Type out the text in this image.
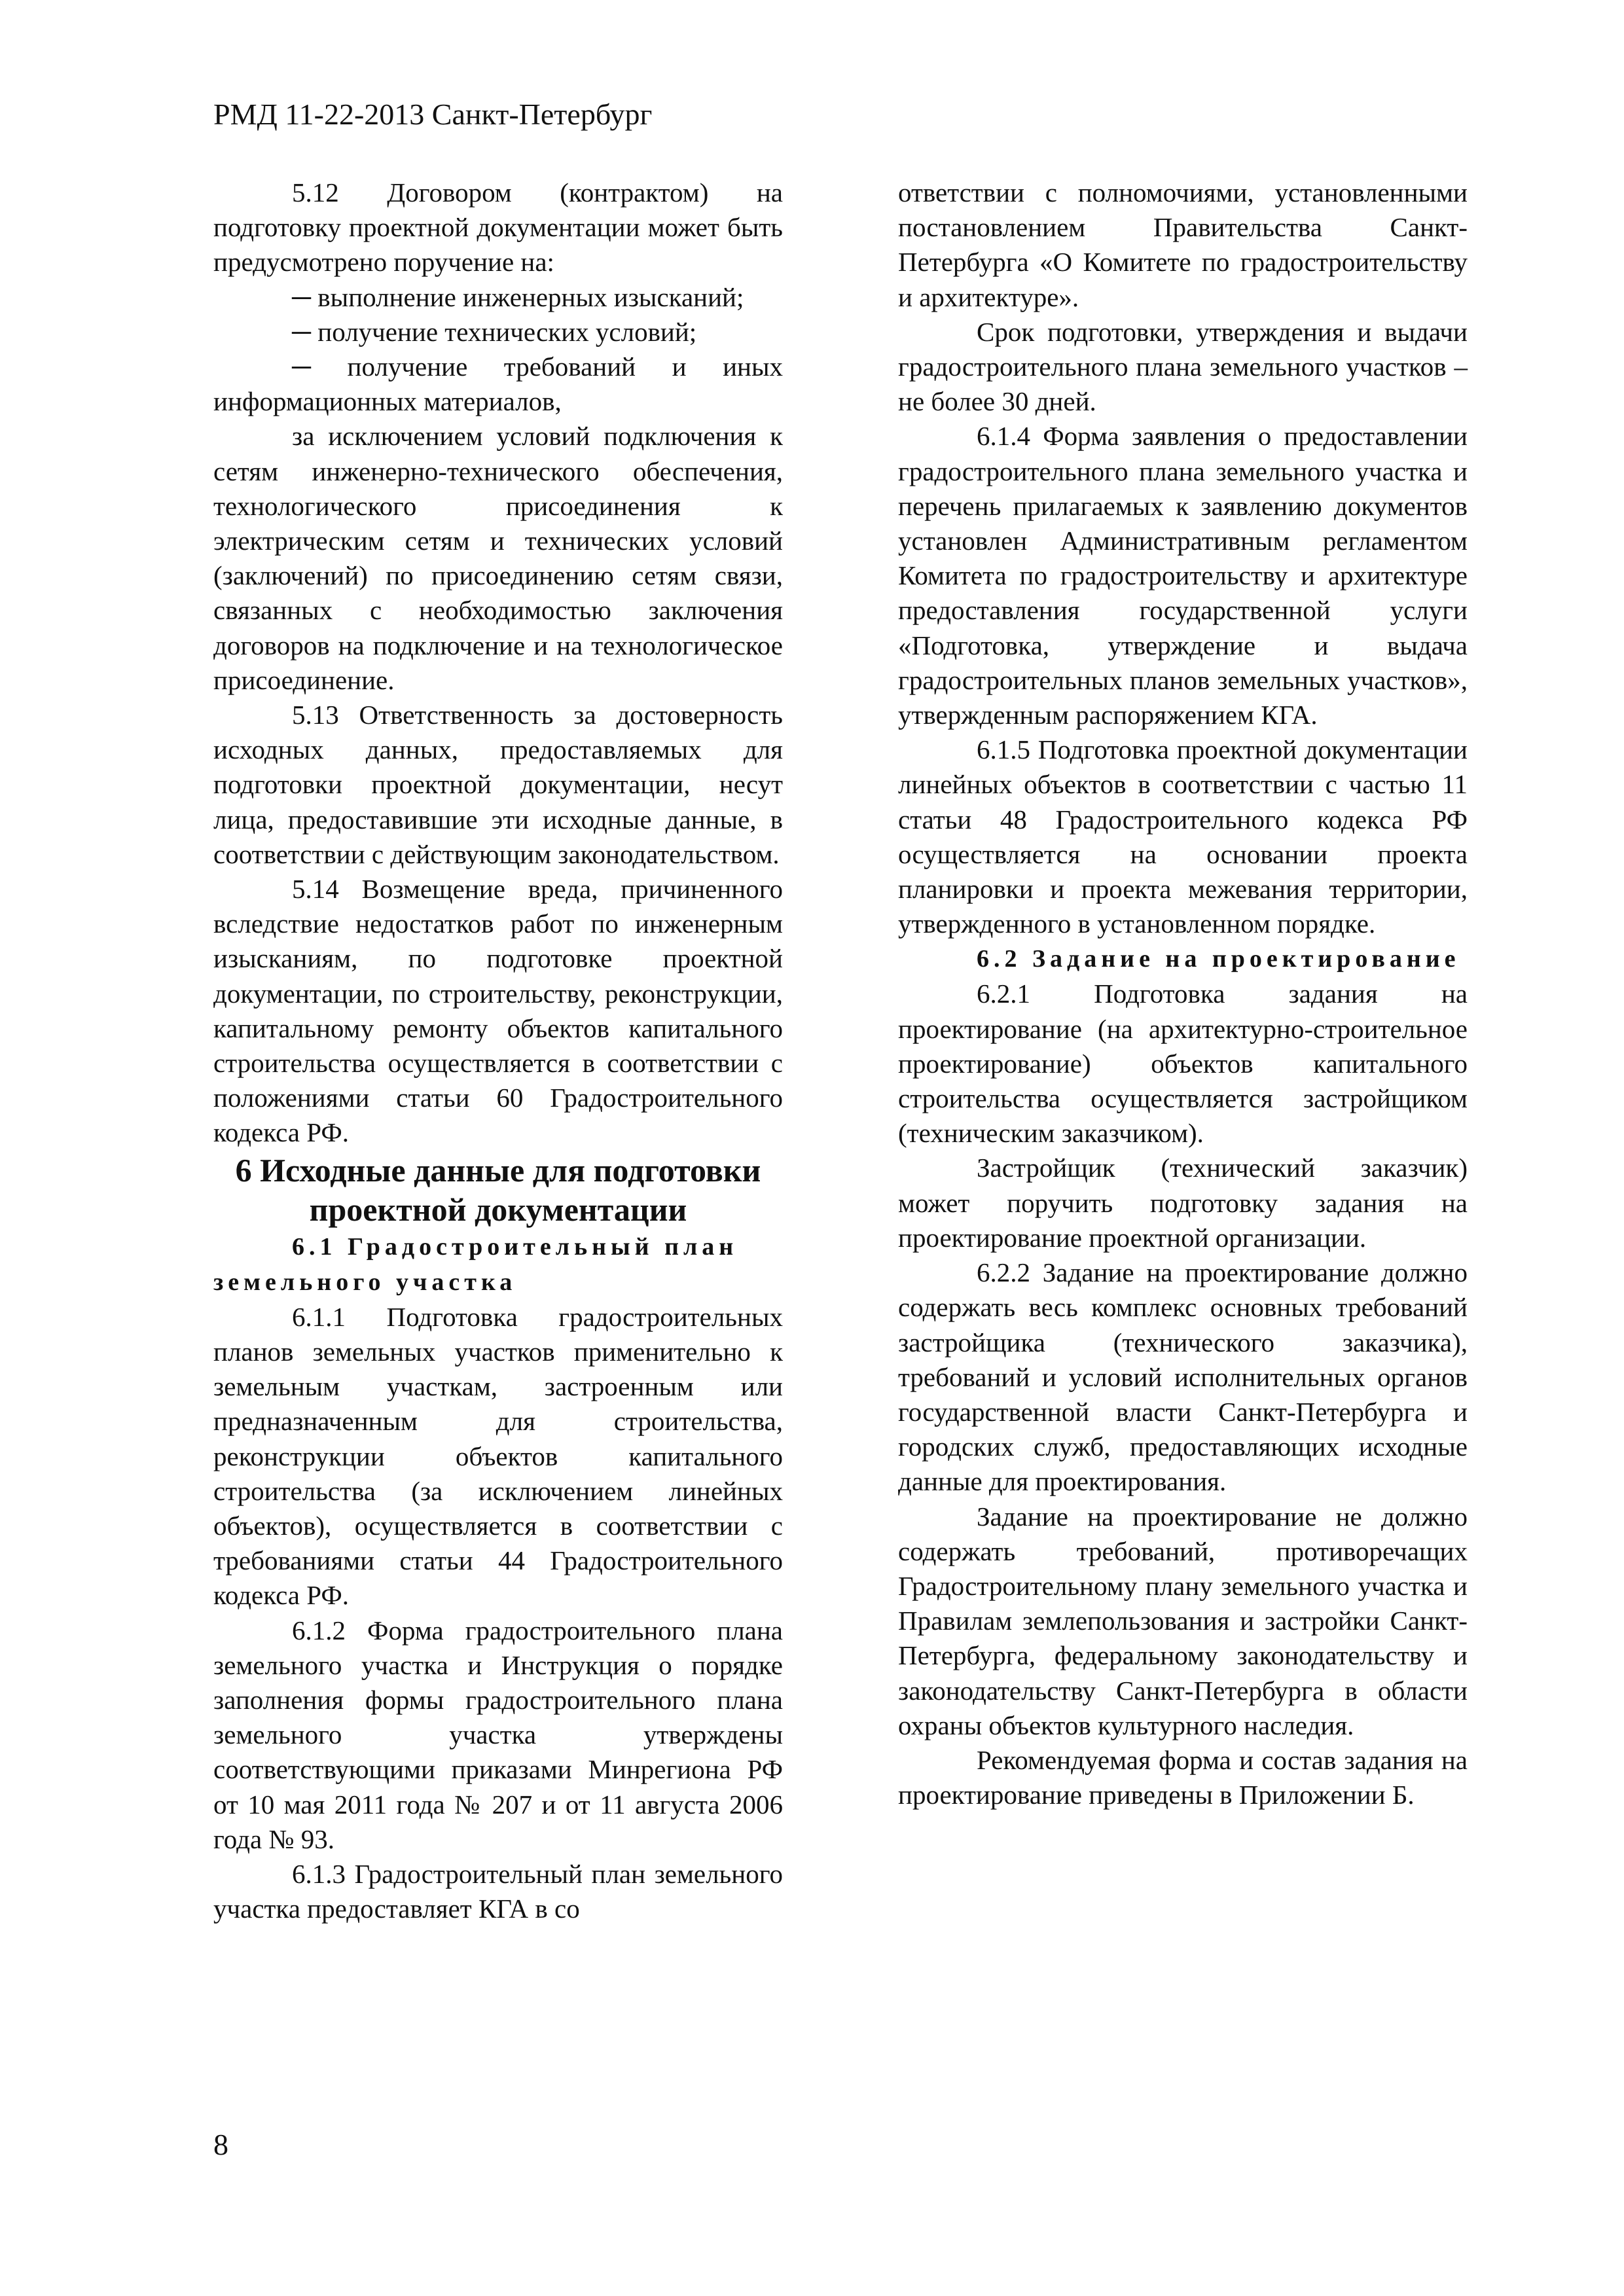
РМД 11-22-2013 Санкт-Петербург

5.12 Договором (контрактом) на подготовку проектной документации может быть предусмотрено поручение на:

─ выполнение инженерных изысканий;

─ получение технических условий;

─ получение требований и иных информационных материалов,

за исключением условий подключения к сетям инженерно-технического обеспечения, технологического присоединения к электрическим сетям и технических условий (заключений) по присоединению сетям связи, связанных с необходимостью заключения договоров на подключение и на технологическое присоединение.

5.13 Ответственность за достоверность исходных данных, предоставляемых для подготовки проектной документации, несут лица, предоставившие эти исходные данные, в соответствии с действующим законодательством.

5.14 Возмещение вреда, причиненного вследствие недостатков работ по инженерным изысканиям, по подготовке проектной документации, по строительству, реконструкции, капитальному ремонту объектов капитального строительства осуществляется в соответствии с положениями статьи 60 Градостроительного кодекса РФ.

6 Исходные данные для подготовки проектной документации

6.1 Градостроительный план земельного участка

6.1.1 Подготовка градостроительных планов земельных участков применительно к земельным участкам, застроенным или предназначенным для строительства, реконструкции объектов капитального строительства (за исключением линейных объектов), осуществляется в соответствии с требованиями статьи 44 Градостроительного кодекса РФ.

6.1.2 Форма градостроительного плана земельного участка и Инструкция о порядке заполнения формы градостроительного плана земельного участка утверждены соответствующими приказами Минрегиона РФ от 10 мая 2011 года № 207 и от 11 августа 2006 года № 93.

6.1.3 Градостроительный план земельного участка предоставляет КГА в со

ответствии с полномочиями, установленными постановлением Правительства Санкт-Петербурга «О Комитете по градостроительству и архитектуре».

Срок подготовки, утверждения и выдачи градостроительного плана земельного участков – не более 30 дней.

6.1.4 Форма заявления о предоставлении градостроительного плана земельного участка и перечень прилагаемых к заявлению документов установлен Административным регламентом Комитета по градостроительству и архитектуре предоставления государственной услуги «Подготовка, утверждение и выдача градостроительных планов земельных участков», утвержденным распоряжением КГА.

6.1.5 Подготовка проектной документации линейных объектов в соответствии с частью 11 статьи 48 Градостроительного кодекса РФ осуществляется на основании проекта планировки и проекта межевания территории, утвержденного в установленном порядке.

6.2 Задание на проектирование

6.2.1 Подготовка задания на проектирование (на архитектурно-строительное проектирование) объектов капитального строительства осуществляется застройщиком (техническим заказчиком).

Застройщик (технический заказчик) может поручить подготовку задания на проектирование проектной организации.

6.2.2 Задание на проектирование должно содержать весь комплекс основных требований застройщика (технического заказчика), требований и условий исполнительных органов государственной власти Санкт-Петербурга и городских служб, предоставляющих исходные данные для проектирования.

Задание на проектирование не должно содержать требований, противоречащих Градостроительному плану земельного участка и Правилам землепользования и застройки Санкт-Петербурга, федеральному законодательству и законодательству Санкт-Петербурга в области охраны объектов культурного наследия.

Рекомендуемая форма и состав задания на проектирование приведены в Приложении Б.

8
